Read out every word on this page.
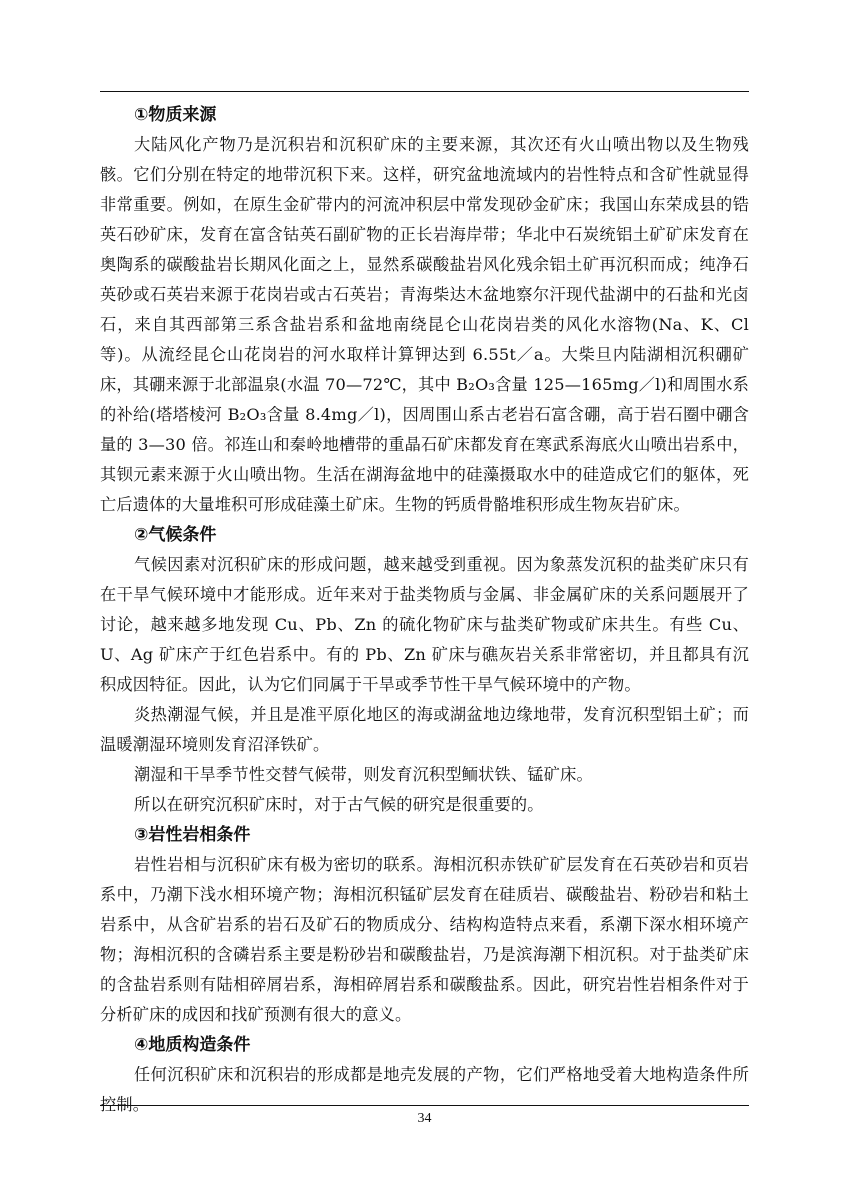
①物质来源

大陆风化产物乃是沉积岩和沉积矿床的主要来源，其次还有火山喷出物以及生物残骸。它们分别在特定的地带沉积下来。这样，研究盆地流域内的岩性特点和含矿性就显得非常重要。例如，在原生金矿带内的河流冲积层中常发现砂金矿床；我国山东荣成县的锆英石砂矿床，发育在富含钴英石副矿物的正长岩海岸带；华北中石炭统铝土矿矿床发育在奥陶系的碳酸盐岩长期风化面之上，显然系碳酸盐岩风化残余铝土矿再沉积而成；纯净石英砂或石英岩来源于花岗岩或古石英岩；青海柴达木盆地察尔汗现代盐湖中的石盐和光卤石，来自其西部第三系含盐岩系和盆地南绕昆仑山花岗岩类的风化水溶物(Na、K、Cl 等)。从流经昆仑山花岗岩的河水取样计算钾达到 6.55t／a。大柴旦内陆湖相沉积硼矿床，其硼来源于北部温泉(水温 70—72℃，其中 B₂O₃含量 125—165mg／l)和周围水系的补给(塔塔棱河 B₂O₃含量 8.4mg／l)，因周围山系古老岩石富含硼，高于岩石圈中硼含量的 3—30 倍。祁连山和秦岭地槽带的重晶石矿床都发育在寒武系海底火山喷出岩系中，其钡元素来源于火山喷出物。生活在湖海盆地中的硅藻摄取水中的硅造成它们的躯体，死亡后遗体的大量堆积可形成硅藻土矿床。生物的钙质骨骼堆积形成生物灰岩矿床。

②气候条件

气候因素对沉积矿床的形成问题，越来越受到重视。因为象蒸发沉积的盐类矿床只有在干旱气候环境中才能形成。近年来对于盐类物质与金属、非金属矿床的关系问题展开了讨论，越来越多地发现 Cu、Pb、Zn 的硫化物矿床与盐类矿物或矿床共生。有些 Cu、U、Ag 矿床产于红色岩系中。有的 Pb、Zn 矿床与礁灰岩关系非常密切，并且都具有沉积成因特征。因此，认为它们同属于干旱或季节性干旱气候环境中的产物。

炎热潮湿气候，并且是准平原化地区的海或湖盆地边缘地带，发育沉积型铝土矿；而温暖潮湿环境则发育沼泽铁矿。

潮湿和干旱季节性交替气候带，则发育沉积型鲕状铁、锰矿床。

所以在研究沉积矿床时，对于古气候的研究是很重要的。

③岩性岩相条件

岩性岩相与沉积矿床有极为密切的联系。海相沉积赤铁矿矿层发育在石英砂岩和页岩系中，乃潮下浅水相环境产物；海相沉积锰矿层发育在硅质岩、碳酸盐岩、粉砂岩和粘土岩系中，从含矿岩系的岩石及矿石的物质成分、结构构造特点来看，系潮下深水相环境产物；海相沉积的含磷岩系主要是粉砂岩和碳酸盐岩，乃是滨海潮下相沉积。对于盐类矿床的含盐岩系则有陆相碎屑岩系，海相碎屑岩系和碳酸盐系。因此，研究岩性岩相条件对于分析矿床的成因和找矿预测有很大的意义。

④地质构造条件

任何沉积矿床和沉积岩的形成都是地壳发展的产物，它们严格地受着大地构造条件所控制。

34
